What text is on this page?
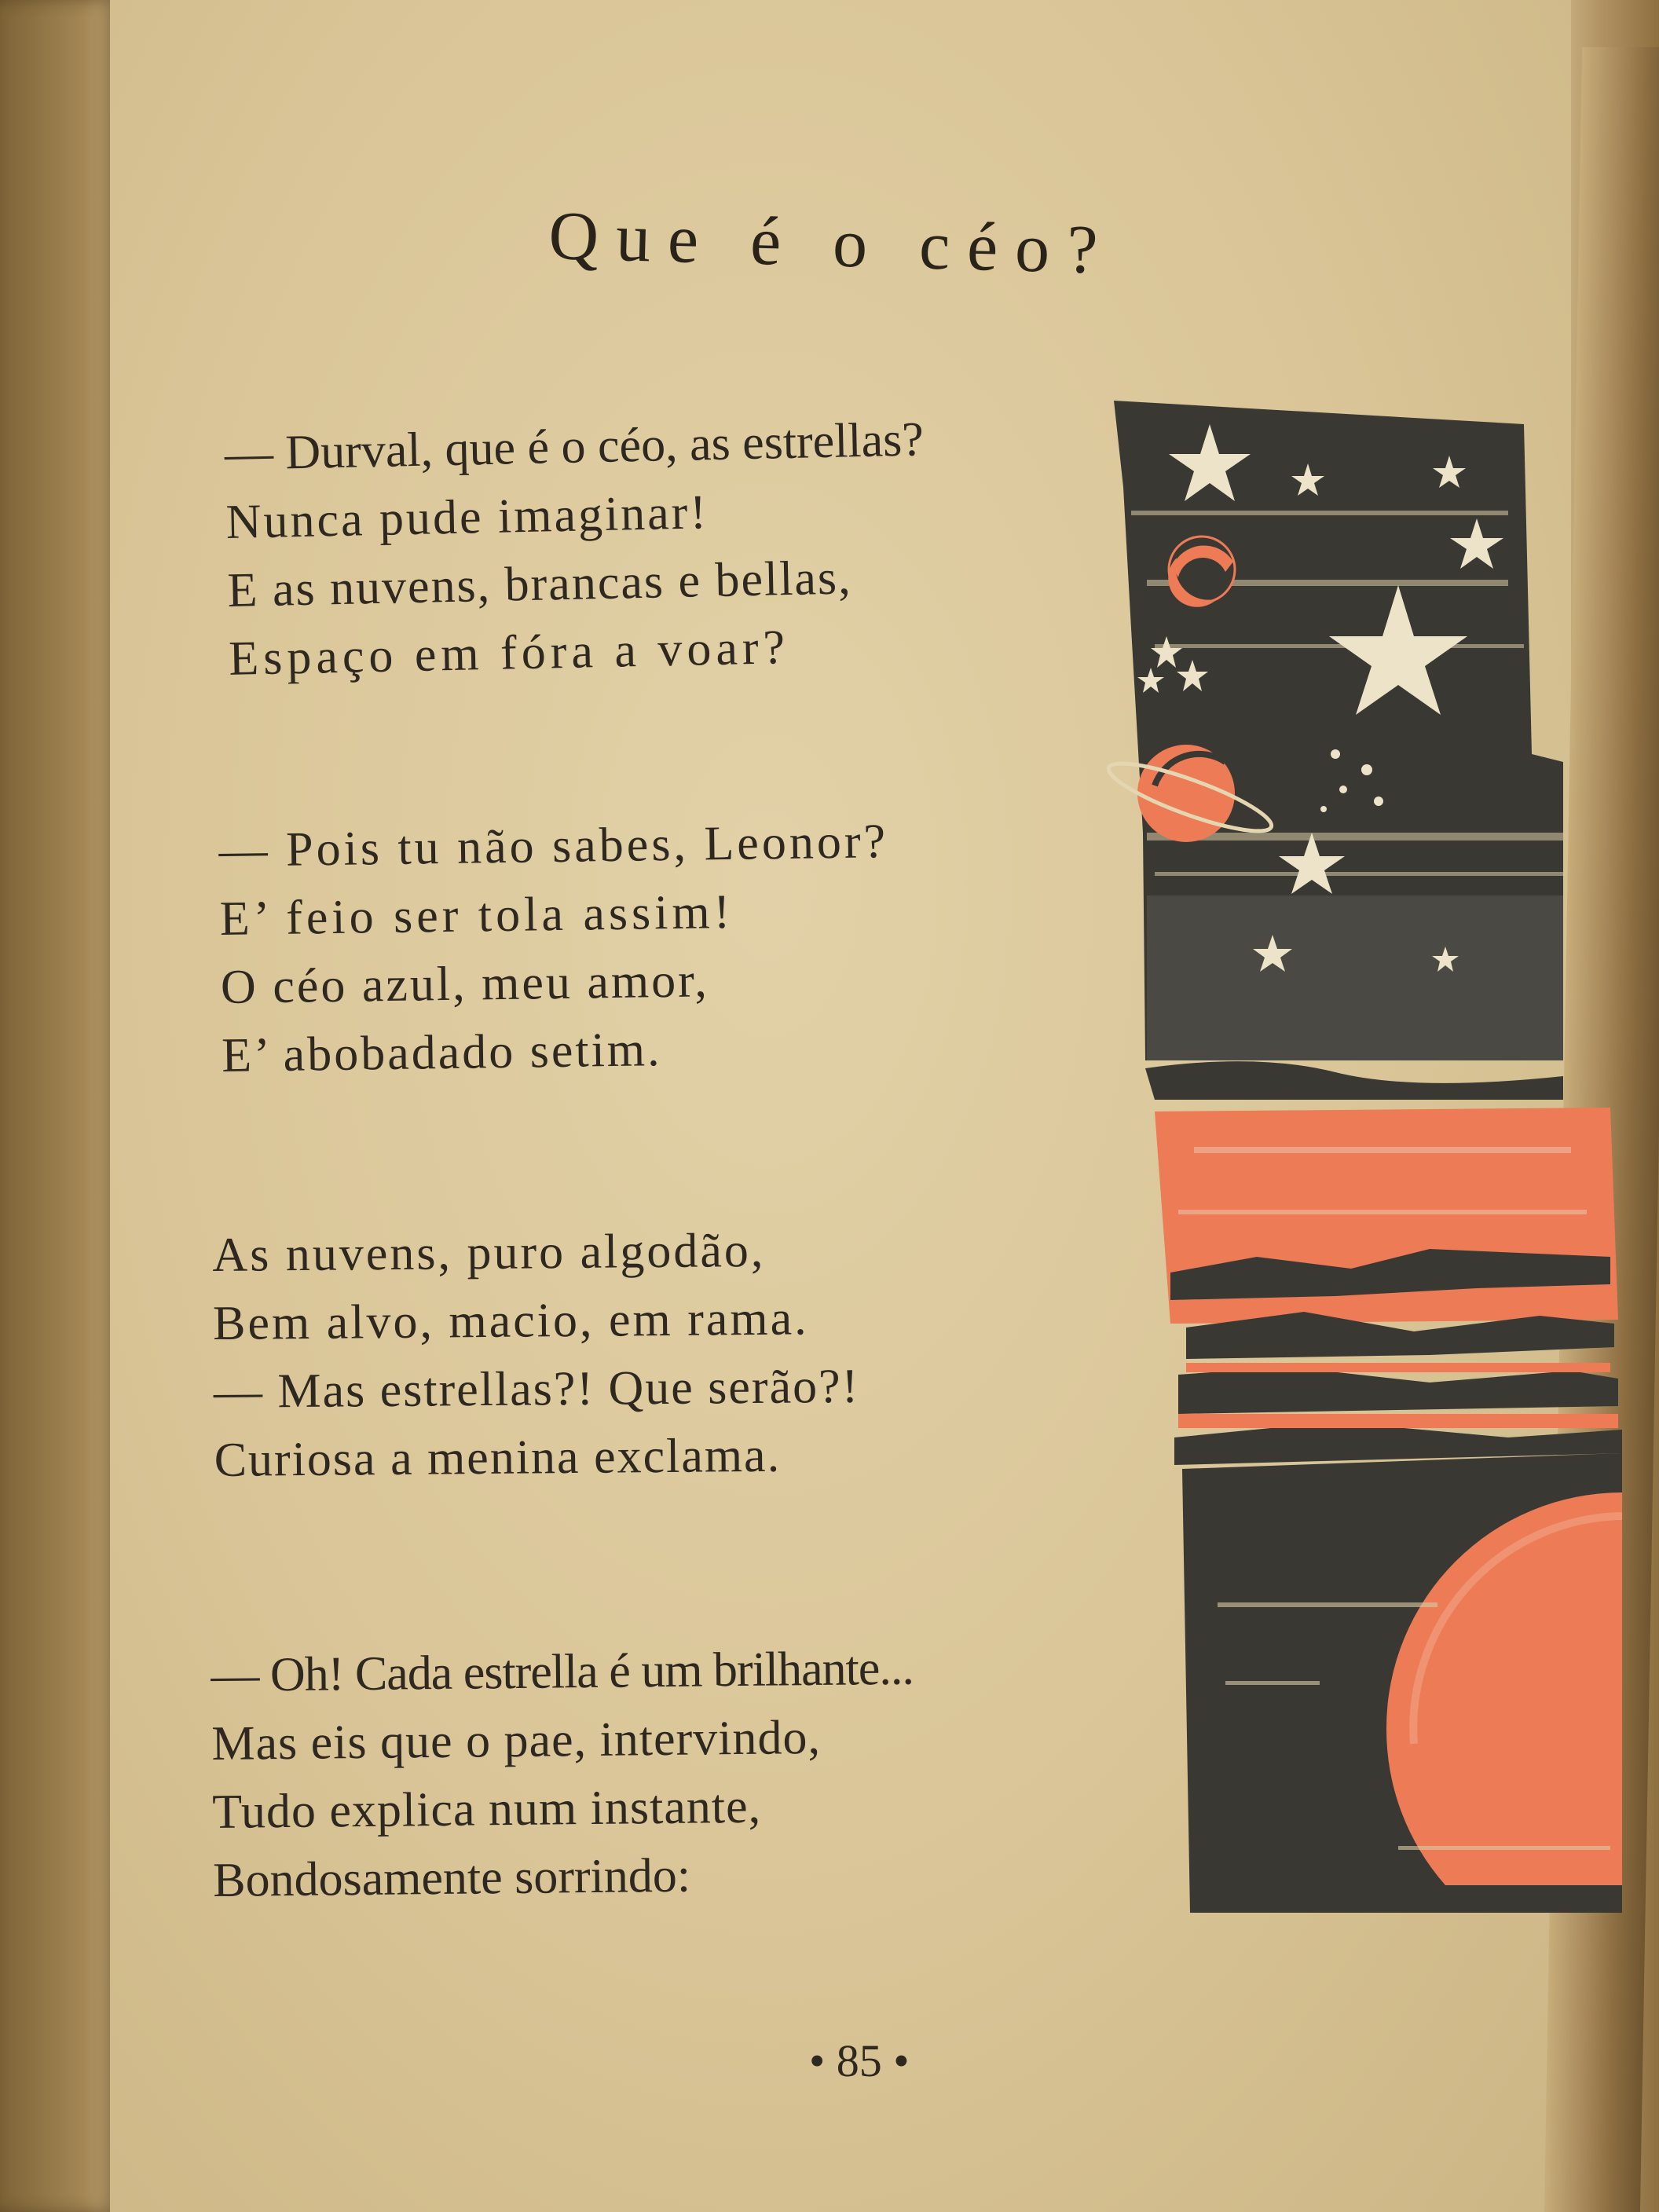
Que é o céo?
— Durval, que é o céo, as estrellas?
Nunca pude imaginar!
E as nuvens, brancas e bellas,
Espaço em fóra a voar?
— Pois tu não sabes, Leonor?
E’ feio ser tola assim!
O céo azul, meu amor,
E’ abobadado setim.
As nuvens, puro algodão,
Bem alvo, macio, em rama.
— Mas estrellas?! Que serão?!
Curiosa a menina exclama.
— Oh! Cada estrella é um brilhante...
Mas eis que o pae, intervindo,
Tudo explica num instante,
Bondosamente sorrindo:
• 85 •
